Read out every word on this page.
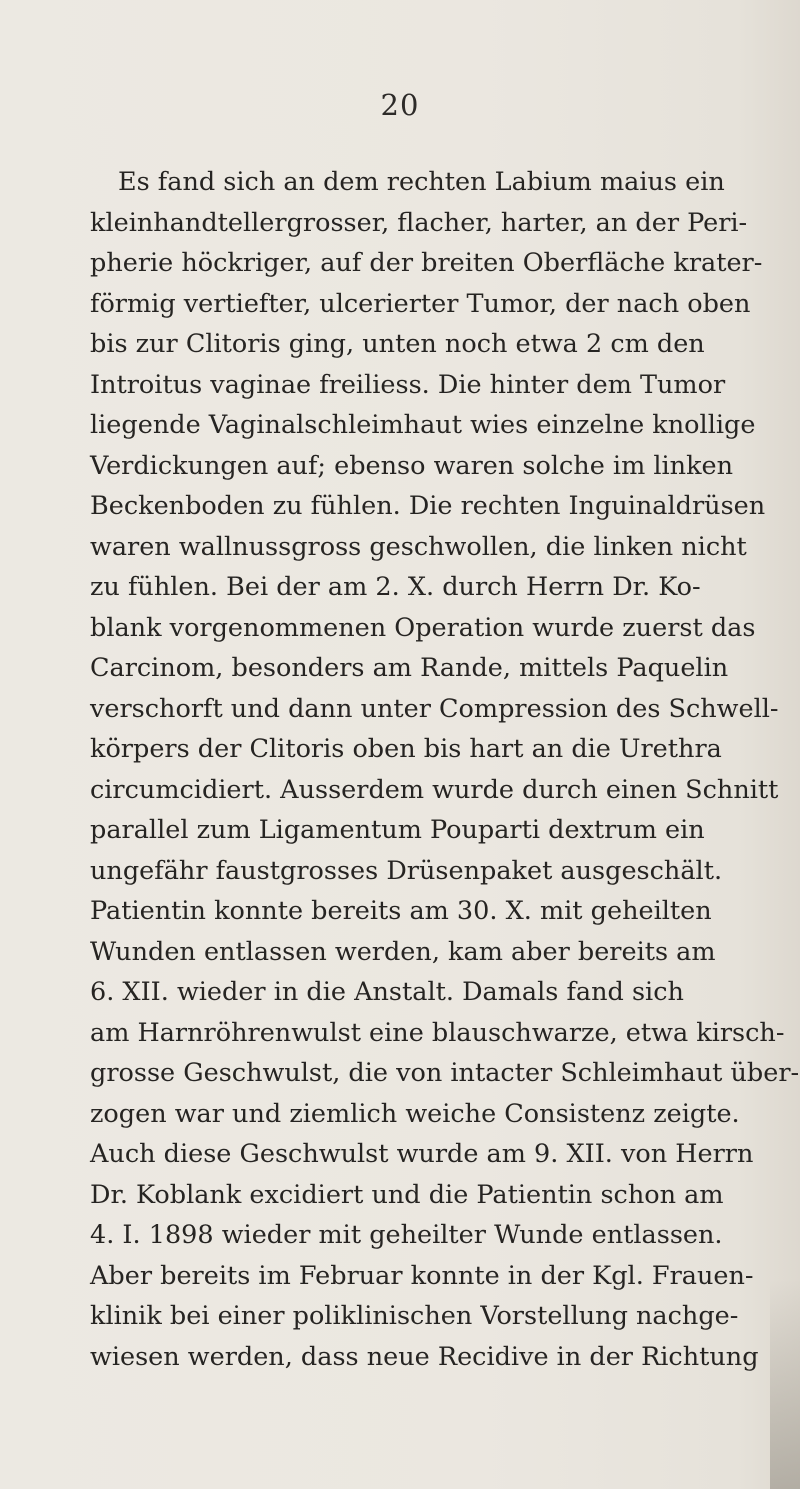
20
Es fand sich an dem rechten Labium maius ein
kleinhandtellergrosser, flacher, harter, an der Peri-
pherie höckriger, auf der breiten Oberfläche krater-
förmig vertiefter, ulcerierter Tumor, der nach oben
bis zur Clitoris ging, unten noch etwa 2 cm den
Introitus vaginae freiliess. Die hinter dem Tumor
liegende Vaginalschleimhaut wies einzelne knollige
Verdickungen auf; ebenso waren solche im linken
Beckenboden zu fühlen. Die rechten Inguinaldrüsen
waren wallnussgross geschwollen, die linken nicht
zu fühlen. Bei der am 2. X. durch Herrn Dr. Ko-
blank vorgenommenen Operation wurde zuerst das
Carcinom, besonders am Rande, mittels Paquelin
verschorft und dann unter Compression des Schwell-
körpers der Clitoris oben bis hart an die Urethra
circumcidiert. Ausserdem wurde durch einen Schnitt
parallel zum Ligamentum Pouparti dextrum ein
ungefähr faustgrosses Drüsenpaket ausgeschält.
Patientin konnte bereits am 30. X. mit geheilten
Wunden entlassen werden, kam aber bereits am
6. XII. wieder in die Anstalt. Damals fand sich
am Harnröhrenwulst eine blauschwarze, etwa kirsch-
grosse Geschwulst, die von intacter Schleimhaut über-
zogen war und ziemlich weiche Consistenz zeigte.
Auch diese Geschwulst wurde am 9. XII. von Herrn
Dr. Koblank excidiert und die Patientin schon am
4. I. 1898 wieder mit geheilter Wunde entlassen.
Aber bereits im Februar konnte in der Kgl. Frauen-
klinik bei einer poliklinischen Vorstellung nachge-
wiesen werden, dass neue Recidive in der Richtung
